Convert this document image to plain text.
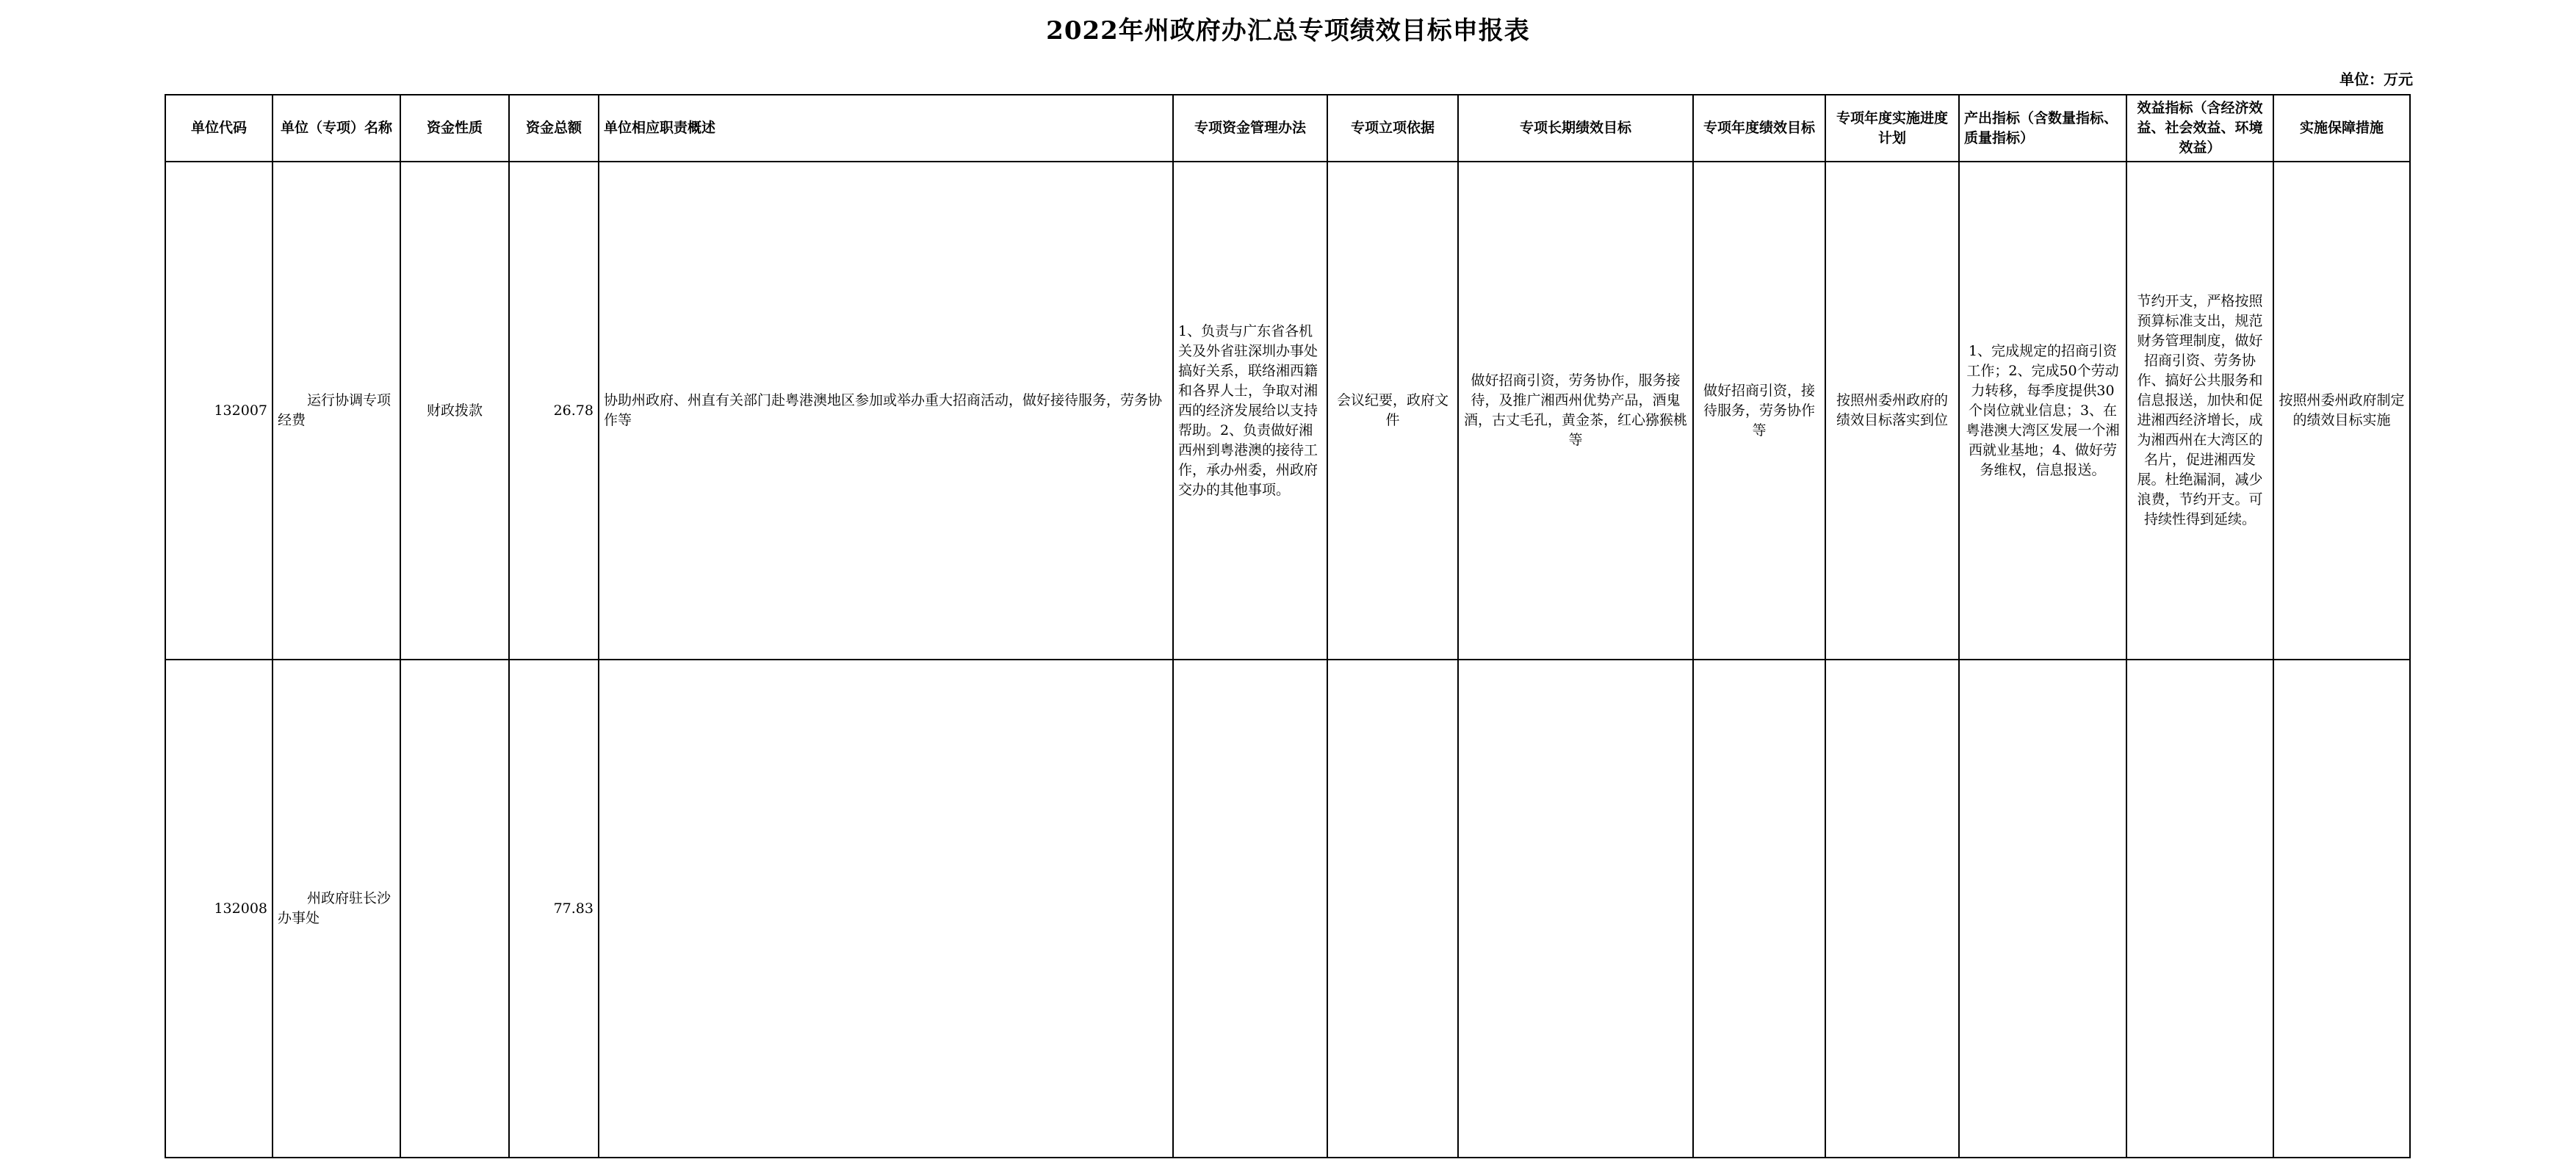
2022年州政府办汇总专项绩效目标申报表
单位：万元
单位代码	单位（专项）名称	资金性质	资金总额	单位相应职责概述	专项资金管理办法	专项立项依据	专项长期绩效目标	专项年度绩效目标	专项年度实施进度计划	产出指标（含数量指标、质量指标）	效益指标（含经济效益、社会效益、环境效益）	实施保障措施
132007	运行协调专项经费	财政拨款	26.78	协助州政府、州直有关部门赴粤港澳地区参加或举办重大招商活动，做好接待服务，劳务协作等	1、负责与广东省各机关及外省驻深圳办事处搞好关系，联络湘西籍和各界人士，争取对湘西的经济发展给以支持帮助。2、负责做好湘西州到粤港澳的接待工作，承办州委，州政府交办的其他事项。	会议纪要，政府文件	做好招商引资，劳务协作，服务接待，及推广湘西州优势产品，酒鬼酒，古丈毛孔，黄金茶，红心猕猴桃等	做好招商引资，接待服务，劳务协作等	按照州委州政府的绩效目标落实到位	1、完成规定的招商引资工作；2、完成50个劳动力转移，每季度提供30个岗位就业信息；3、在粤港澳大湾区发展一个湘西就业基地；4、做好劳务维权，信息报送。	节约开支，严格按照预算标准支出，规范财务管理制度，做好招商引资、劳务协作、搞好公共服务和信息报送，加快和促进湘西经济增长，成为湘西州在大湾区的名片，促进湘西发展。杜绝漏洞，减少浪费，节约开支。可持续性得到延续。	按照州委州政府制定的绩效目标实施
132008	州政府驻长沙办事处		77.83									
